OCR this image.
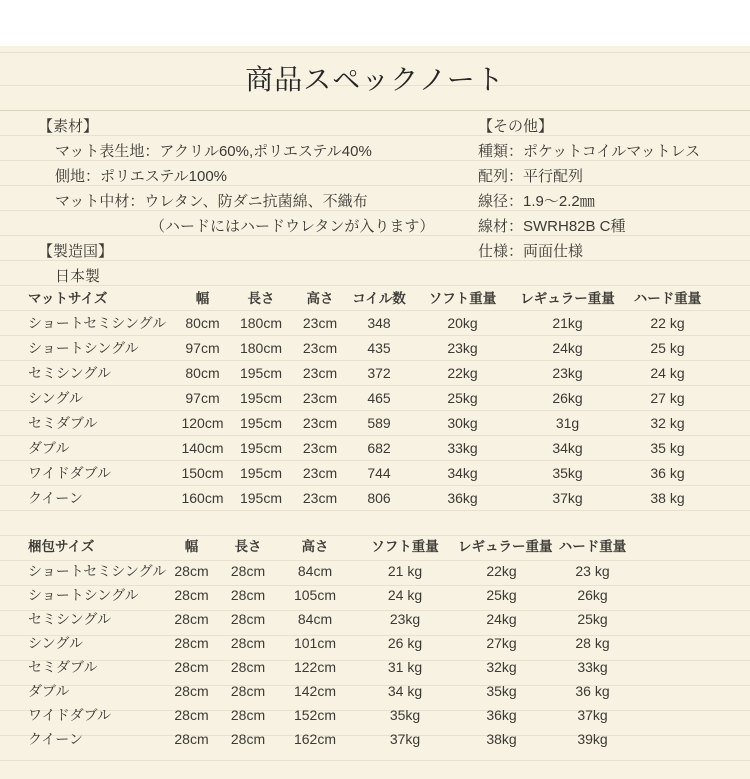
商品スペックノート
【素材】
マット表生地：アクリル60%,ポリエステル40%
側地：ポリエステル100%
マット中材：ウレタン、防ダニ抗菌綿、不織布
（ハードにはハードウレタンが入ります）
【製造国】
日本製
【その他】
種類：ポケットコイルマットレス
配列：平行配列
線径：1.9〜2.2㎜
線材：SWRH82B C種
仕様：両面仕様
マットサイズ	幅	長さ	高さ	コイル数	ソフト重量	レギュラー重量	ハード重量
ショートセミシングル	80cm	180cm	23cm	348	20kg	21kg	22 kg
ショートシングル	97cm	180cm	23cm	435	23kg	24kg	25 kg
セミシングル	80cm	195cm	23cm	372	22kg	23kg	24 kg
シングル	97cm	195cm	23cm	465	25kg	26kg	27 kg
セミダブル	120cm	195cm	23cm	589	30kg	31g	32 kg
ダブル	140cm	195cm	23cm	682	33kg	34kg	35 kg
ワイドダブル	150cm	195cm	23cm	744	34kg	35kg	36 kg
クイーン	160cm	195cm	23cm	806	36kg	37kg	38 kg
梱包サイズ	幅	長さ	高さ	ソフト重量	レギュラー重量 ハード重量
ショートセミシングル 28cm	28cm	84cm	21 kg	22kg	23 kg
ショートシングル	28cm	28cm	105cm	24 kg	25kg	26kg
セミシングル	28cm	28cm	84cm	23kg	24kg	25kg
シングル	28cm	28cm	101cm	26 kg	27kg	28 kg
セミダブル	28cm	28cm	122cm	31 kg	32kg	33kg
ダブル	28cm	28cm	142cm	34 kg	35kg	36 kg
ワイドダブル	28cm	28cm	152cm	35kg	36kg	37kg
クイーン	28cm	28cm	162cm	37kg	38kg	39kg
